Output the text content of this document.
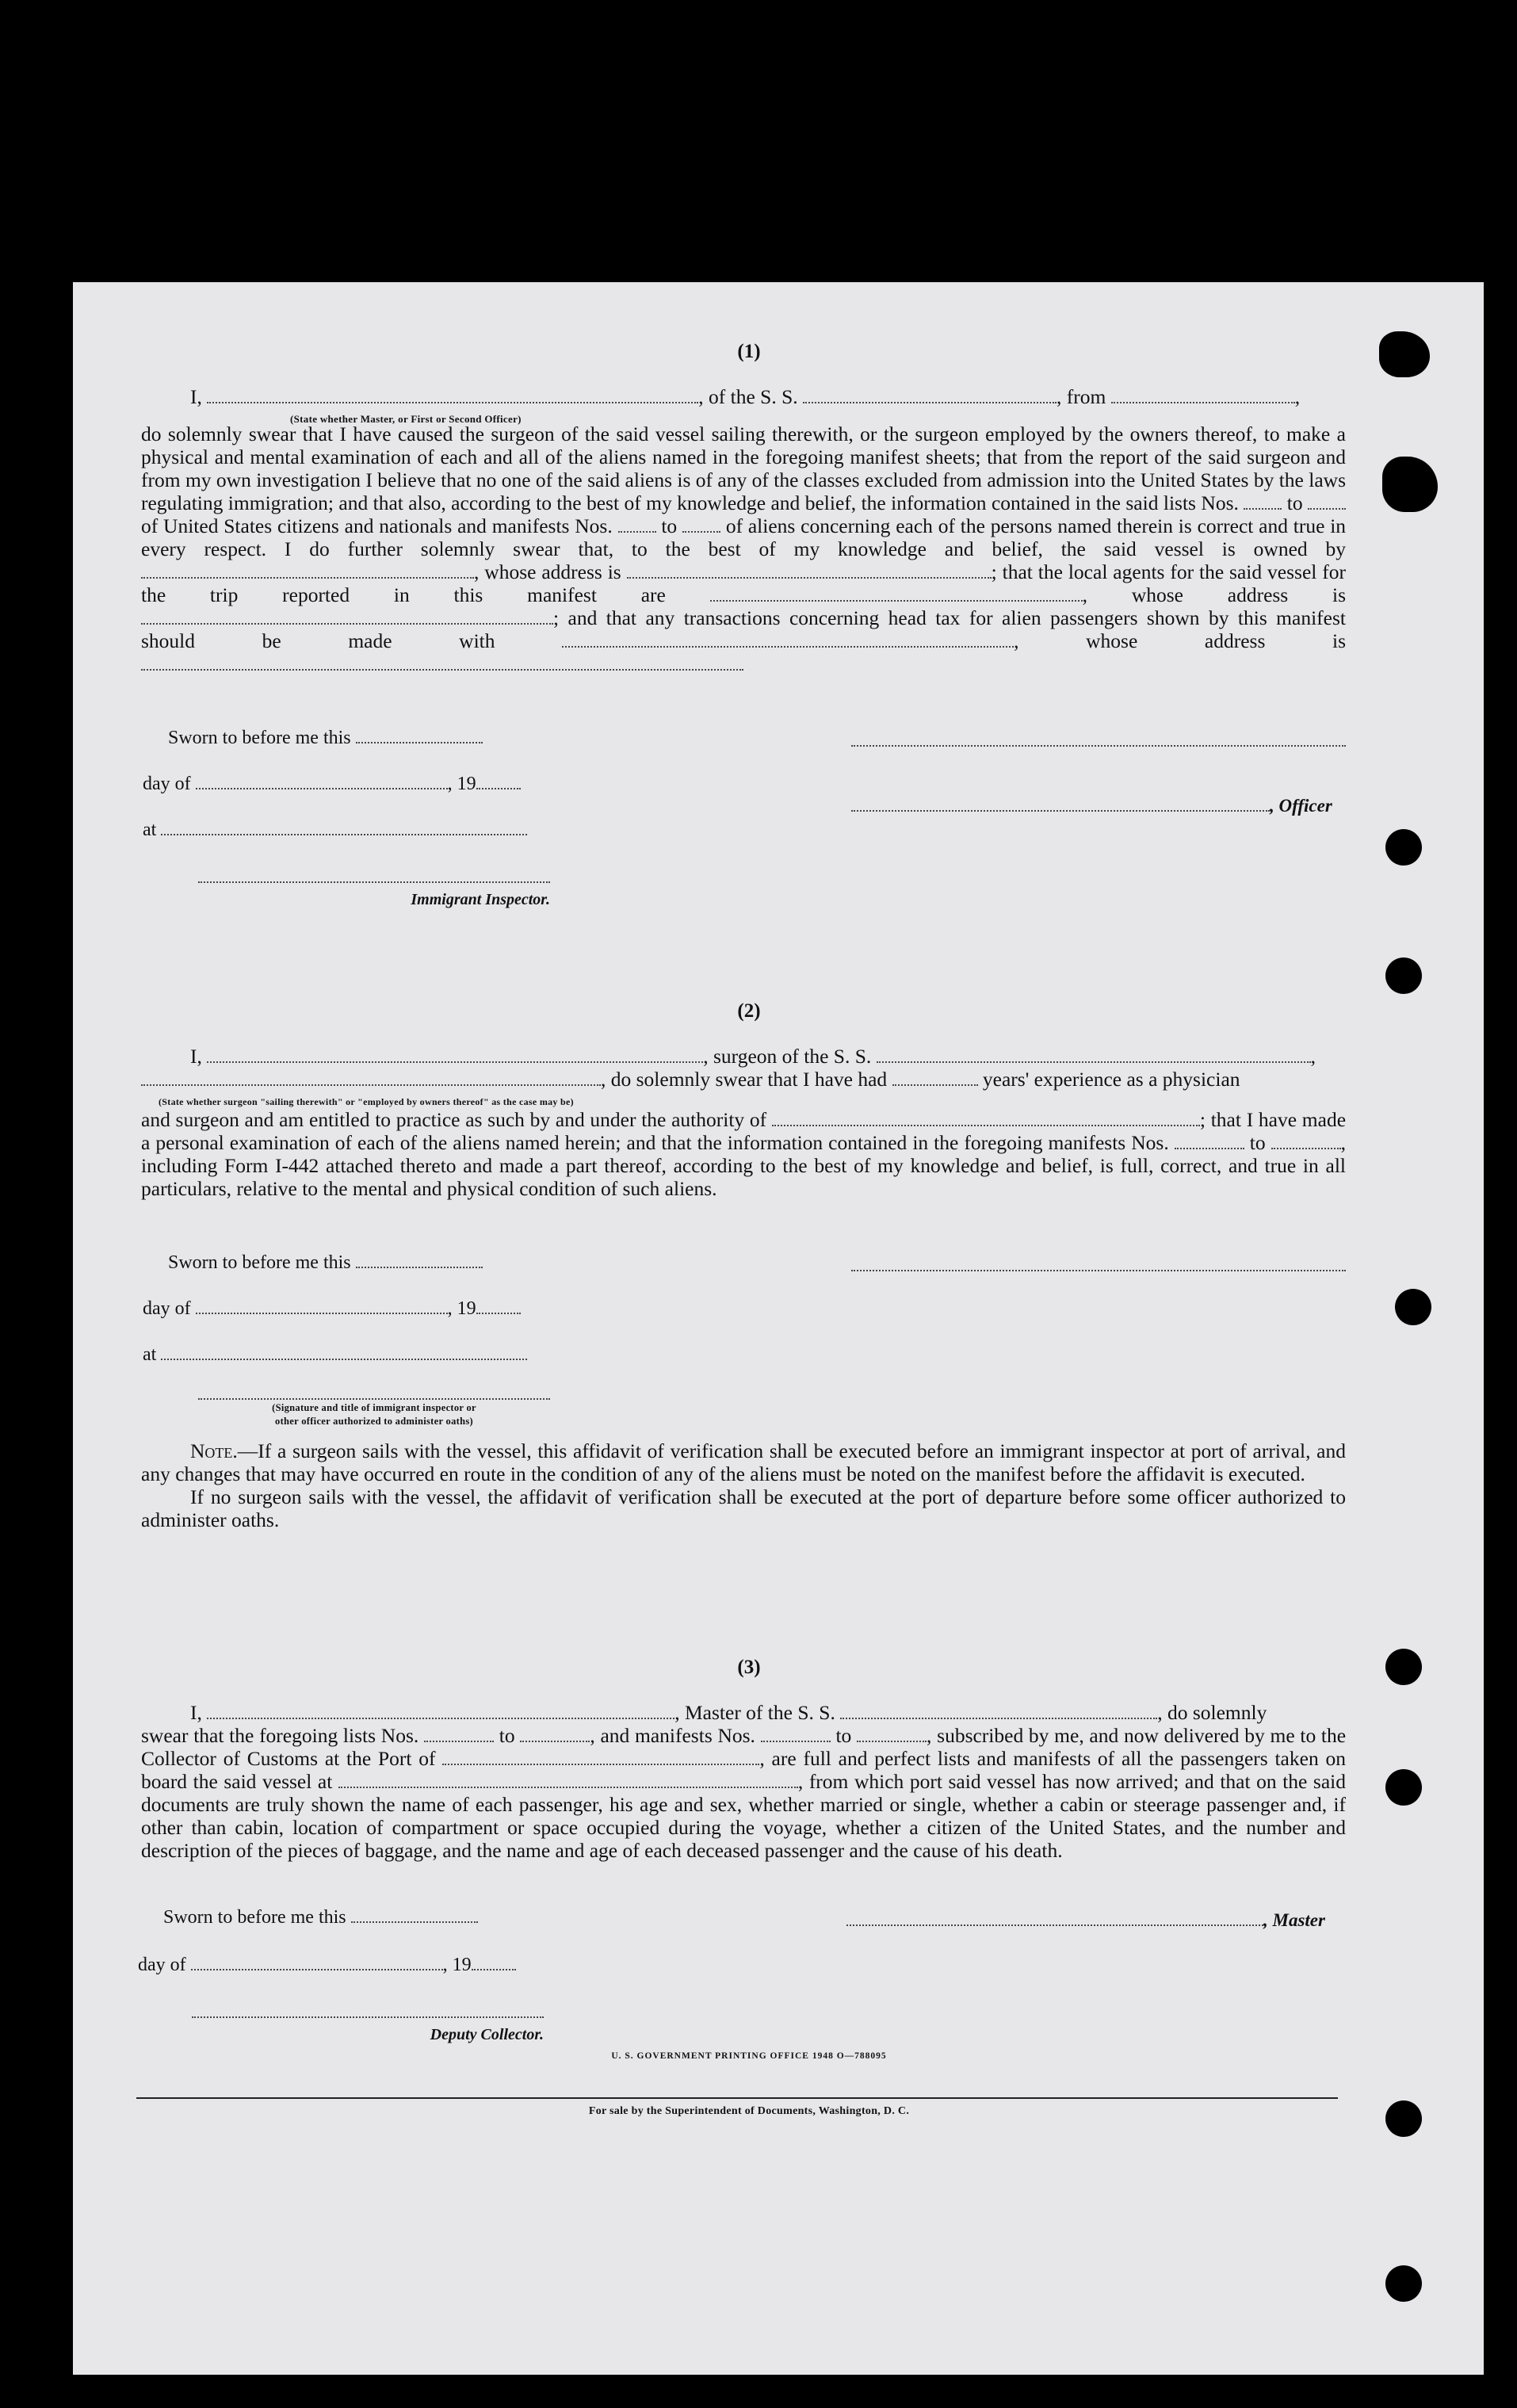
(1)
I,	, of the S. S.	, from	,
(State whether Master, or First or Second Officer)
do solemnly swear that I have caused the surgeon of the said vessel sailing therewith, or the surgeon employed by the owners thereof, to make a physical and mental examination of each and all of the aliens named in the foregoing manifest sheets; that from the report of the said surgeon and from my own investigation I believe that no one of the said aliens is of any of the classes excluded from admission into the United States by the laws regulating immigration; and that also, according to the best of my knowledge and belief, the information contained in the said lists Nos. to  of United States citizens and nationals and manifests Nos. to of aliens concerning each of the persons named therein is correct and true in every respect. I do further solemnly swear that, to the best of my knowledge and belief, the said vessel is owned by , whose address is	; that the local agents for the said vessel for the trip reported in this manifest are	, whose address is ; and that any transactions concerning head tax for alien passengers shown by this manifest should be made with	, whose address is
Sworn to before me this
day of	, 19
at

Immigrant Inspector.
, Officer
(2)
I,	, surgeon of the S. S.	,
, do solemnly swear that I have had	years' experience as a physician
(State whether surgeon "sailing therewith" or "employed by owners thereof" as the case may be)
and surgeon and am entitled to practice as such by and under the authority of	; that I have made a personal examination of each of the aliens named herein; and that the information contained in the foregoing manifests Nos.	to	, including Form I-442 attached thereto and made a part thereof, according to the best of my knowledge and belief, is full, correct, and true in all particulars, relative to the mental and physical condition of such aliens.
Sworn to before me this
day of	, 19
at

(Signature and title of immigrant inspector or
other officer authorized to administer oaths)
Note.—If a surgeon sails with the vessel, this affidavit of verification shall be executed before an immigrant inspector at port of arrival, and any changes that may have occurred en route in the condition of any of the aliens must be noted on the manifest before the affidavit is executed.
If no surgeon sails with the vessel, the affidavit of verification shall be executed at the port of departure before some officer authorized to administer oaths.
(3)
I,	, Master of the S. S.	, do solemnly
swear that the foregoing lists Nos.	to	, and manifests Nos.	to	, subscribed by me, and now delivered by me to the Collector of Customs at the Port of	, are full and perfect lists and manifests of all the passengers taken on board the said vessel at	, from which port said vessel has now arrived; and that on the said documents are truly shown the name of each passenger, his age and sex, whether married or single, whether a cabin or steerage passenger and, if other than cabin, location of compartment or space occupied during the voyage, whether a citizen of the United States, and the number and description of the pieces of baggage, and the name and age of each deceased passenger and the cause of his death.
Sworn to before me this	, Master
day of	, 19

Deputy Collector.
U. S. GOVERNMENT PRINTING OFFICE 1948 O—788095
For sale by the Superintendent of Documents, Washington, D. C.
